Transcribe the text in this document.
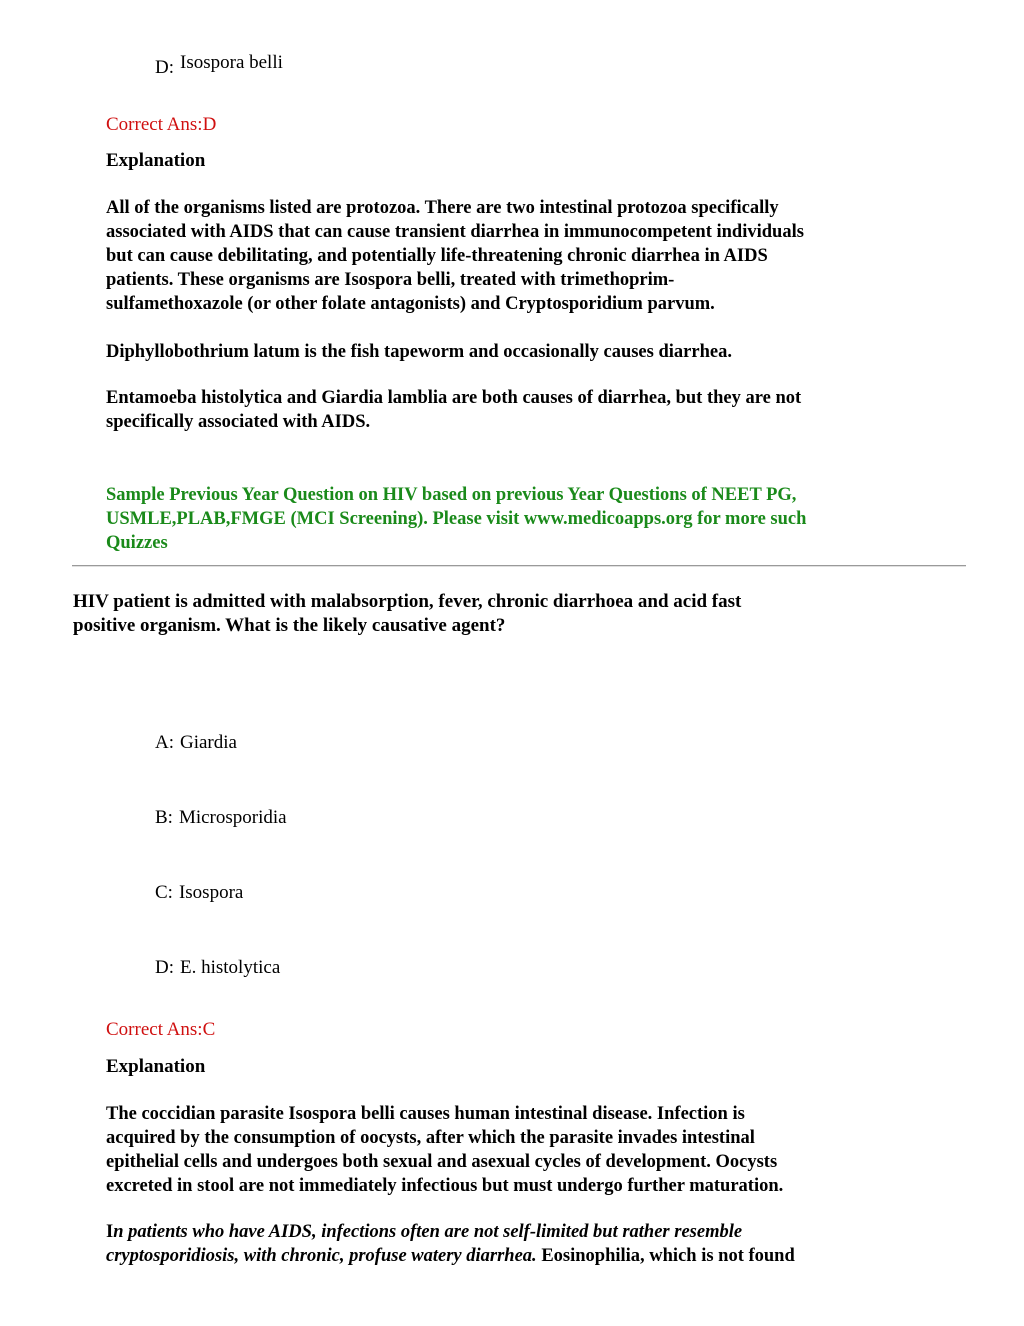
D: Isospora belli
Correct Ans:D
Explanation

All of the organisms listed are protozoa. There are two intestinal protozoa specifically
associated with AIDS that can cause transient diarrhea in immunocompetent individuals
but can cause debilitating, and potentially life-threatening chronic diarrhea in AIDS
patients. These organisms are Isospora belli, treated with trimethoprim-
sulfamethoxazole (or other folate antagonists) and Cryptosporidium parvum.

Diphyllobothrium latum is the fish tapeworm and occasionally causes diarrhea.

Entamoeba histolytica and Giardia lamblia are both causes of diarrhea, but they are not
specifically associated with AIDS.

Sample Previous Year Question on HIV based on previous Year Questions of NEET PG,
USMLE,PLAB,FMGE (MCI Screening). Please visit www.medicoapps.org for more such
Quizzes

HIV patient is admitted with malabsorption, fever, chronic diarrhoea and acid fast
positive organism. What is the likely causative agent?

A: Giardia
B: Microsporidia
C: Isospora
D: E. histolytica
Correct Ans:C
Explanation

The coccidian parasite Isospora belli causes human intestinal disease. Infection is
acquired by the consumption of oocysts, after which the parasite invades intestinal
epithelial cells and undergoes both sexual and asexual cycles of development. Oocysts
excreted in stool are not immediately infectious but must undergo further maturation.

In patients who have AIDS, infections often are not self-limited but rather resemble
cryptosporidiosis, with chronic, profuse watery diarrhea. Eosinophilia, which is not found
